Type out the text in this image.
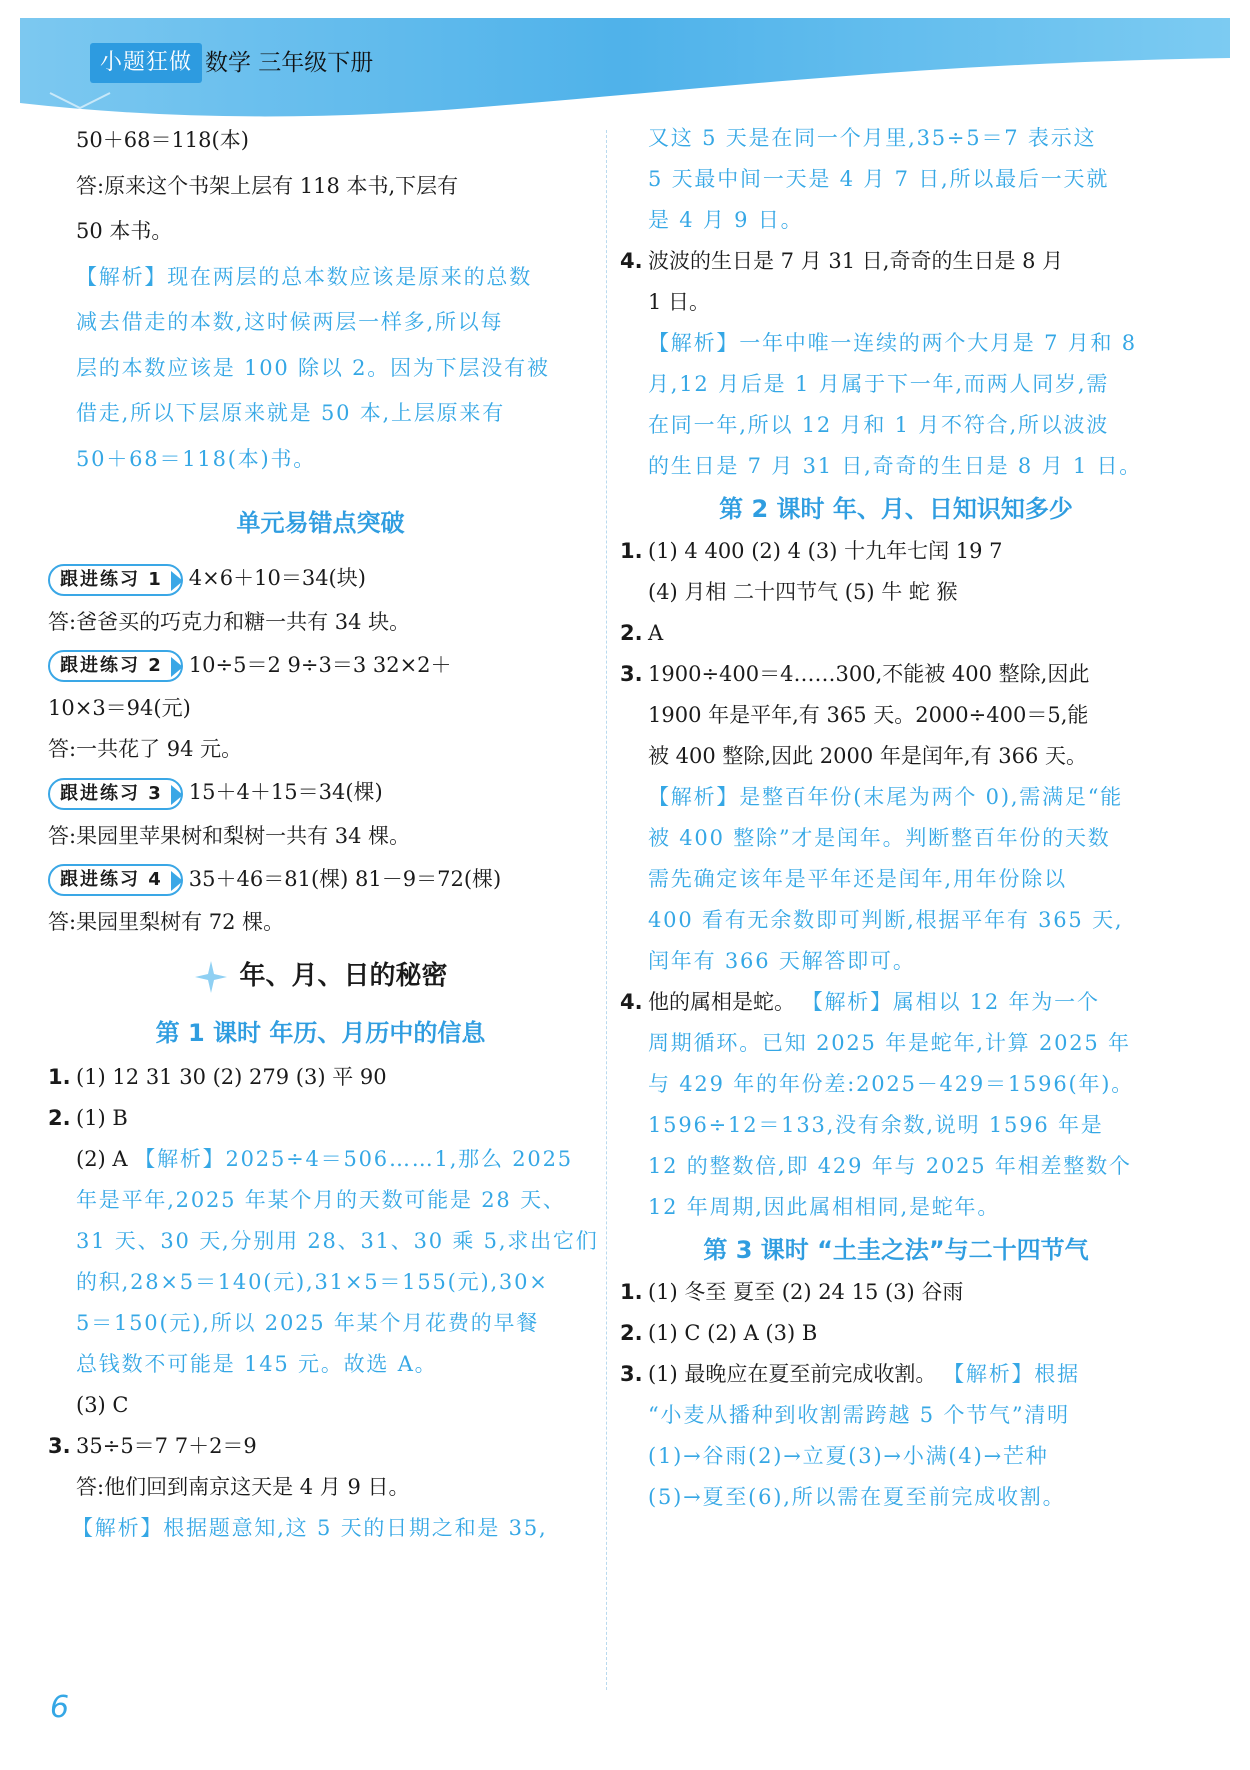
小题狂做 数学 三年级下册
50＋68＝118(本)
答:原来这个书架上层有 118 本书,下层有
50 本书。
【解析】现在两层的总本数应该是原来的总数
减去借走的本数,这时候两层一样多,所以每
层的本数应该是 100 除以 2。因为下层没有被
借走,所以下层原来就是 50 本,上层原来有
50＋68＝118(本)书。
单元易错点突破
跟进练习 1 4×6＋10＝34(块)
答:爸爸买的巧克力和糖一共有 34 块。
跟进练习 2 10÷5＝2 9÷3＝3 32×2＋
10×3＝94(元)
答:一共花了 94 元。
跟进练习 3 15＋4＋15＝34(棵)
答:果园里苹果树和梨树一共有 34 棵。
跟进练习 4 35＋46＝81(棵) 81－9＝72(棵)
答:果园里梨树有 72 棵。
年、月、日的秘密
第 1 课时 年历、月历中的信息
1. (1) 12 31 30 (2) 279 (3) 平 90
2. (1) B
(2) A 【解析】2025÷4＝506……1,那么 2025
年是平年,2025 年某个月的天数可能是 28 天、
31 天、30 天,分别用 28、31、30 乘 5,求出它们
的积,28×5＝140(元),31×5＝155(元),30×
5＝150(元),所以 2025 年某个月花费的早餐
总钱数不可能是 145 元。故选 A。
(3) C
3. 35÷5＝7 7＋2＝9
答:他们回到南京这天是 4 月 9 日。
【解析】根据题意知,这 5 天的日期之和是 35,
又这 5 天是在同一个月里,35÷5＝7 表示这
5 天最中间一天是 4 月 7 日,所以最后一天就
是 4 月 9 日。
4. 波波的生日是 7 月 31 日,奇奇的生日是 8 月
1 日。
【解析】一年中唯一连续的两个大月是 7 月和 8
月,12 月后是 1 月属于下一年,而两人同岁,需
在同一年,所以 12 月和 1 月不符合,所以波波
的生日是 7 月 31 日,奇奇的生日是 8 月 1 日。
第 2 课时 年、月、日知识知多少
1. (1) 4 400 (2) 4 (3) 十九年七闰 19 7
(4) 月相 二十四节气 (5) 牛 蛇 猴
2. A
3. 1900÷400＝4……300,不能被 400 整除,因此
1900 年是平年,有 365 天。2000÷400＝5,能
被 400 整除,因此 2000 年是闰年,有 366 天。
【解析】是整百年份(末尾为两个 0),需满足“能
被 400 整除”才是闰年。判断整百年份的天数
需先确定该年是平年还是闰年,用年份除以
400 看有无余数即可判断,根据平年有 365 天,
闰年有 366 天解答即可。
4. 他的属相是蛇。 【解析】属相以 12 年为一个
周期循环。已知 2025 年是蛇年,计算 2025 年
与 429 年的年份差:2025－429＝1596(年)。
1596÷12＝133,没有余数,说明 1596 年是
12 的整数倍,即 429 年与 2025 年相差整数个
12 年周期,因此属相相同,是蛇年。
第 3 课时 “土圭之法”与二十四节气
1. (1) 冬至 夏至 (2) 24 15 (3) 谷雨
2. (1) C (2) A (3) B
3. (1) 最晚应在夏至前完成收割。 【解析】根据
“小麦从播种到收割需跨越 5 个节气”清明
(1)→谷雨(2)→立夏(3)→小满(4)→芒种
(5)→夏至(6),所以需在夏至前完成收割。
6
